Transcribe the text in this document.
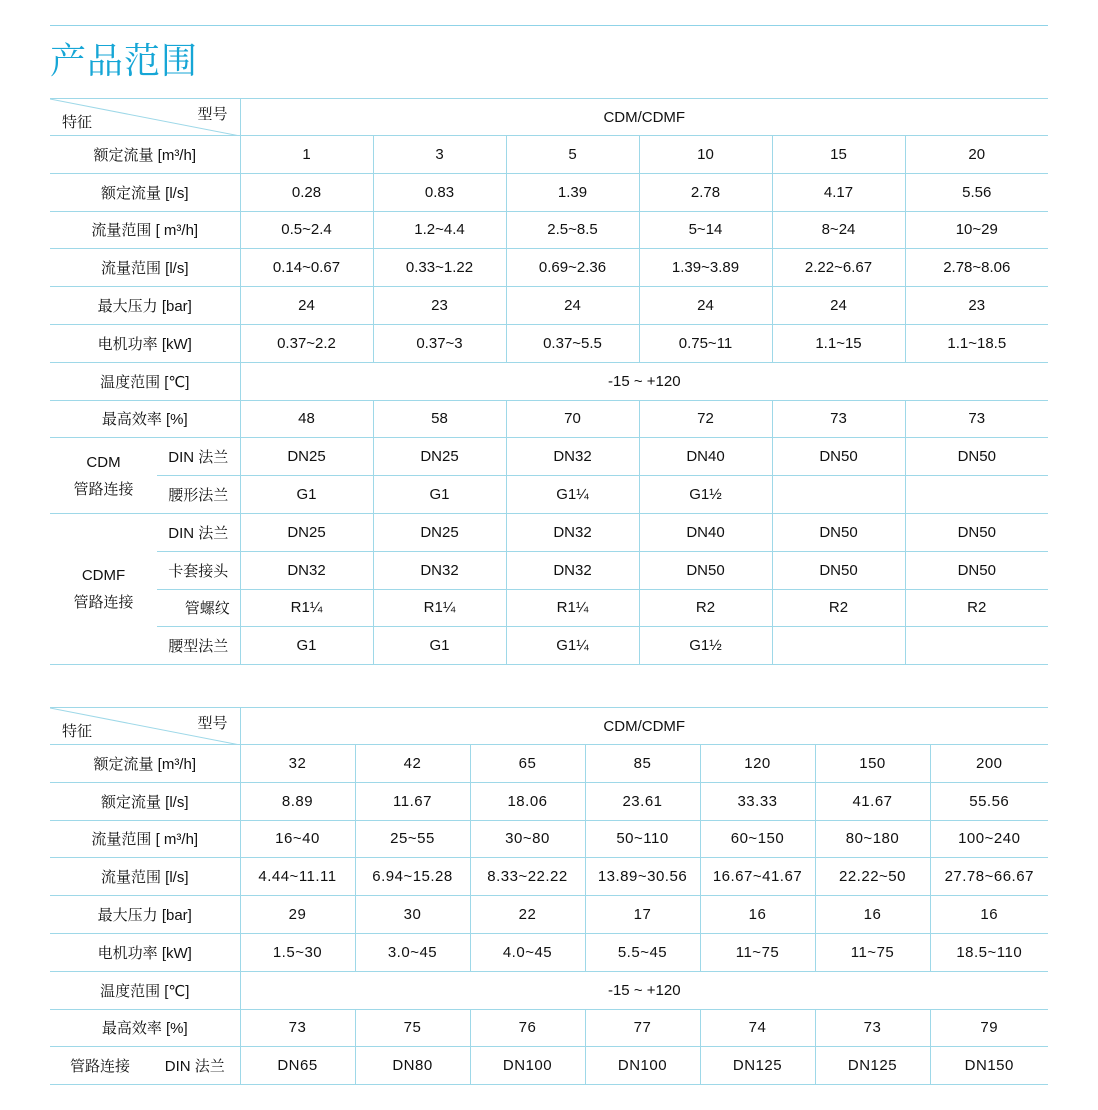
产品范围
型号
特征		CDM/CDMF					
额定流量 [m³/h]		1	3	5	10	15	20
额定流量 [l/s]		0.28	0.83	1.39	2.78	4.17	5.56
流量范围 [ m³/h]		0.5~2.4	1.2~4.4	2.5~8.5	5~14	8~24	10~29
流量范围 [l/s]		0.14~0.67	0.33~1.22	0.69~2.36	1.39~3.89	2.22~6.67	2.78~8.06
最大压力 [bar]		24	23	24	24	24	23
电机功率 [kW]		0.37~2.2	0.37~3	0.37~5.5	0.75~11	1.1~15	1.1~18.5
温度范围 [℃]		-15 ~ +120					
最高效率 [%]		48	58	70	72	73	73
CDM
管路连接	DIN 法兰	DN25	DN25	DN32	DN40	DN50	DN50
	腰形法兰	G1	G1	G1¼	G1½		
CDMF
管路连接	DIN 法兰	DN25	DN25	DN32	DN40	DN50	DN50
	卡套接头	DN32	DN32	DN32	DN50	DN50	DN50
	管螺纹	R1¼	R1¼	R1¼	R2	R2	R2
	腰型法兰	G1	G1	G1¼	G1½		
型号
特征		CDM/CDMF						
额定流量 [m³/h]		32	42	65	85	120	150	200
额定流量 [l/s]		8.89	11.67	18.06	23.61	33.33	41.67	55.56
流量范围 [ m³/h]		16~40	25~55	30~80	50~110	60~150	80~180	100~240
流量范围 [l/s]		4.44~11.11	6.94~15.28	8.33~22.22	13.89~30.56	16.67~41.67	22.22~50	27.78~66.67
最大压力 [bar]		29	30	22	17	16	16	16
电机功率 [kW]		1.5~30	3.0~45	4.0~45	5.5~45	11~75	11~75	18.5~110
温度范围 [℃]		-15 ~ +120						
最高效率 [%]		73	75	76	77	74	73	79
管路连接	DIN 法兰	DN65	DN80	DN100	DN100	DN125	DN125	DN150
